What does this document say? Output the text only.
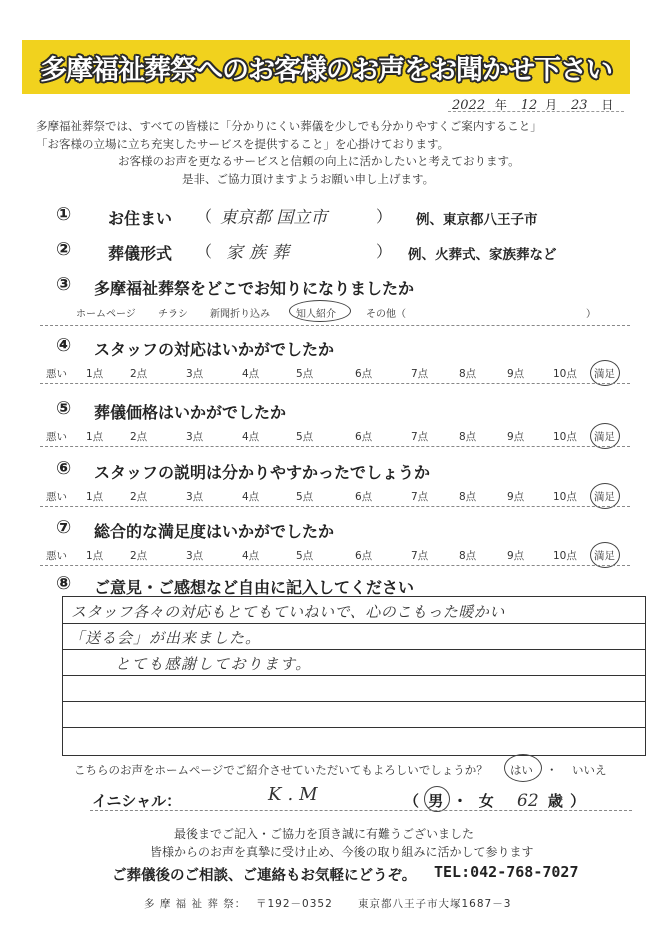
多摩福祉葬祭へのお客様のお声をお聞かせ下さい
2022 年 12 月 23 日
多摩福祉葬祭では、すべての皆様に「分かりにくい葬儀を少しでも分かりやすくご案内すること」
「お客様の立場に立ち充実したサービスを提供すること」を心掛けております。
お客様のお声を更なるサービスと信頼の向上に活かしたいと考えております。
是非、ご協力頂けますようお願い申し上げます。
① お住まい （ 東京都 国立市	） 例、東京都八王子市
② 葬儀形式 （ 家族葬	） 例、火葬式、家族葬など
③ 多摩福祉葬祭をどこでお知りになりましたか
ホームページ チラシ 新聞折り込み	知人紹介	その他（	）
④ スタッフの対応はいかがでしたか
悪い 1点	2点	3点	4点	5点	6点	7点	8点	9点	10点 満足
⑤ 葬儀価格はいかがでしたか
悪い 1点	2点	3点	4点	5点	6点	7点	8点	9点	10点 満足
⑥ スタッフの説明は分かりやすかったでしょうか
悪い 1点	2点	3点	4点	5点	6点	7点	8点	9点	10点 満足
⑦ 総合的な満足度はいかがでしたか
悪い 1点	2点	3点	4点	5点	6点	7点	8点	9点	10点 満足
⑧ ご意見・ご感想など自由に記入してください
スタッフ各々の対応もとてもていねいで、心のこもった暖かい
「送る会」が出来ました。
とても感謝しております。
こちらのお声をホームページでご紹介させていただいてもよろしいでしょうか？ はい ・ いいえ
イニシャル：	K.M	（ 男 ・ 女 62 歳 ）
最後までご記入・ご協力を頂き誠に有難うございました
皆様からのお声を真摯に受け止め、今後の取り組みに活かして参ります
ご葬儀後のご相談、ご連絡もお気軽にどうぞ。 TEL:042-768-7027
多 摩 福 祉 葬 祭： 〒192－0352 東京都八王子市大塚1687－3
